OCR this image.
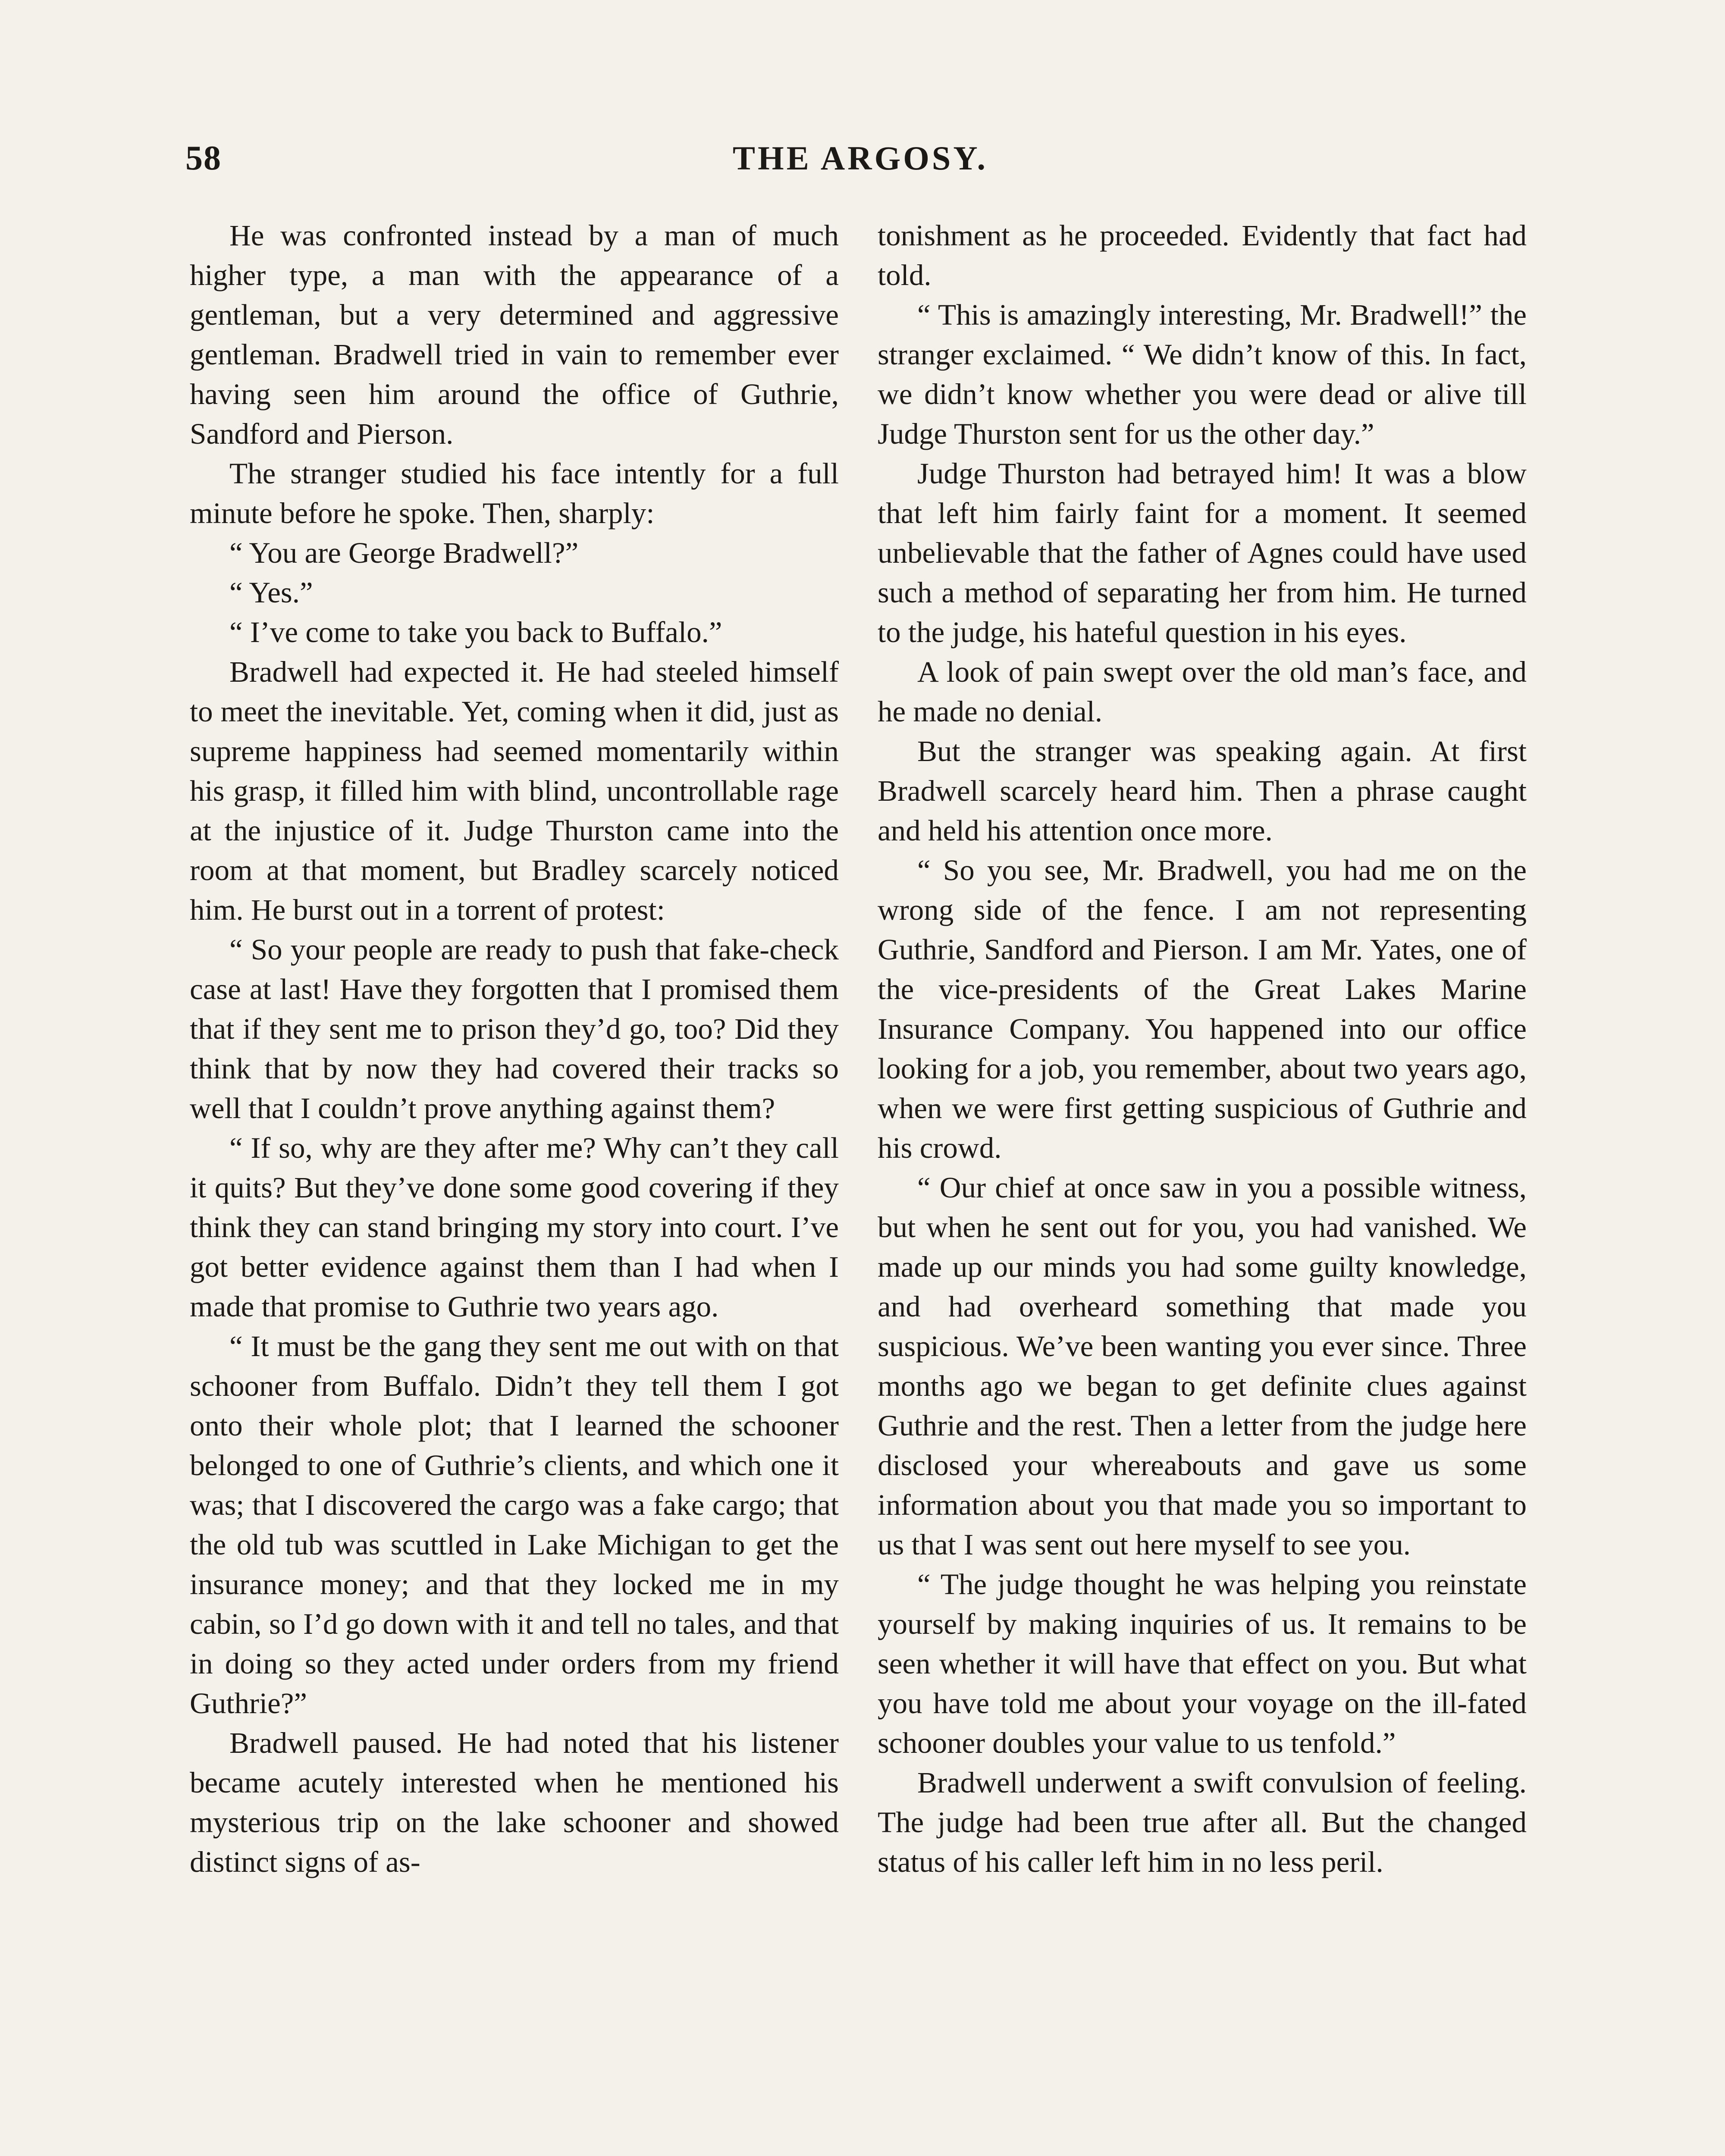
58	THE ARGOSY.

He was confronted instead by a man of much higher type, a man with the appearance of a gentleman, but a very determined and aggressive gentleman. Bradwell tried in vain to remember ever having seen him around the office of Guthrie, Sandford and Pierson.

The stranger studied his face intently for a full minute before he spoke. Then, sharply:

“ You are George Bradwell?”

“ Yes.”

“ I’ve come to take you back to Buffalo.”

Bradwell had expected it. He had steeled himself to meet the inevitable. Yet, coming when it did, just as supreme happiness had seemed momentarily within his grasp, it filled him with blind, uncontrollable rage at the injustice of it. Judge Thurston came into the room at that moment, but Bradley scarcely noticed him. He burst out in a torrent of protest:

“ So your people are ready to push that fake-check case at last! Have they forgotten that I promised them that if they sent me to prison they’d go, too? Did they think that by now they had covered their tracks so well that I couldn’t prove anything against them?

“ If so, why are they after me? Why can’t they call it quits? But they’ve done some good covering if they think they can stand bringing my story into court. I’ve got better evidence against them than I had when I made that promise to Guthrie two years ago.

“ It must be the gang they sent me out with on that schooner from Buffalo. Didn’t they tell them I got onto their whole plot; that I learned the schooner belonged to one of Guthrie’s clients, and which one it was; that I discovered the cargo was a fake cargo; that the old tub was scuttled in Lake Michigan to get the insurance money; and that they locked me in my cabin, so I’d go down with it and tell no tales, and that in doing so they acted under orders from my friend Guthrie?”

Bradwell paused. He had noted that his listener became acutely interested when he mentioned his mysterious trip on the lake schooner and showed distinct signs of as-

tonishment as he proceeded. Evidently that fact had told.

“ This is amazingly interesting, Mr. Bradwell!” the stranger exclaimed. “ We didn’t know of this. In fact, we didn’t know whether you were dead or alive till Judge Thurston sent for us the other day.”

Judge Thurston had betrayed him! It was a blow that left him fairly faint for a moment. It seemed unbelievable that the father of Agnes could have used such a method of separating her from him. He turned to the judge, his hateful question in his eyes.

A look of pain swept over the old man’s face, and he made no denial.

But the stranger was speaking again. At first Bradwell scarcely heard him. Then a phrase caught and held his attention once more.

“ So you see, Mr. Bradwell, you had me on the wrong side of the fence. I am not representing Guthrie, Sandford and Pierson. I am Mr. Yates, one of the vice-presidents of the Great Lakes Marine Insurance Company. You happened into our office looking for a job, you remember, about two years ago, when we were first getting suspicious of Guthrie and his crowd.

“ Our chief at once saw in you a possible witness, but when he sent out for you, you had vanished. We made up our minds you had some guilty knowledge, and had overheard something that made you suspicious. We’ve been wanting you ever since. Three months ago we began to get definite clues against Guthrie and the rest. Then a letter from the judge here disclosed your whereabouts and gave us some information about you that made you so important to us that I was sent out here myself to see you.

“ The judge thought he was helping you reinstate yourself by making inquiries of us. It remains to be seen whether it will have that effect on you. But what you have told me about your voyage on the ill-fated schooner doubles your value to us tenfold.”

Bradwell underwent a swift convulsion of feeling. The judge had been true after all. But the changed status of his caller left him in no less peril.
